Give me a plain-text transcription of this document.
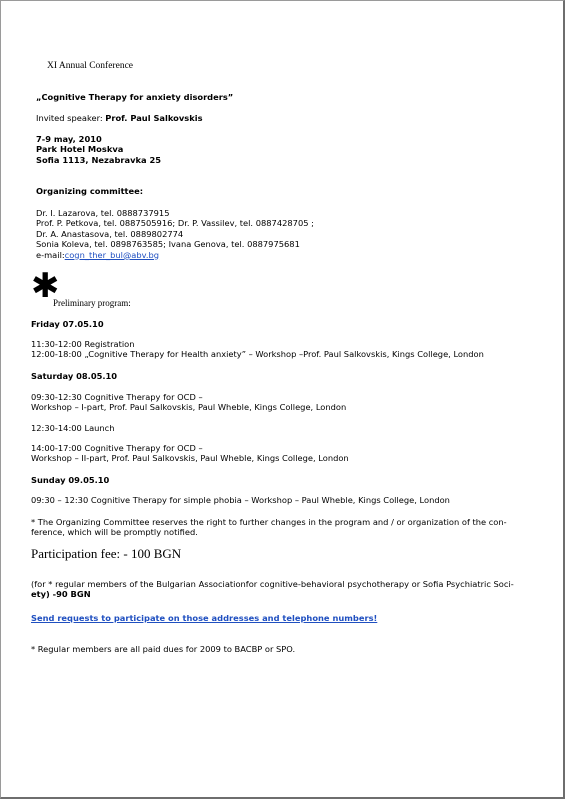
XI Annual Conference
„Cognitive Therapy for anxiety disorders”
Invited speaker: Prof. Paul Salkovskis
7-9 may, 2010
Park Hotel Moskva
Sofia 1113, Nezabravka 25
Organizing committee:
Dr. I. Lazarova, tel. 0888737915
Prof. P. Petkova, tel. 0887505916; Dr. P. Vassilev, tel. 0887428705 ;
Dr. A. Anastasova, tel. 0889802774
Sonia Koleva, tel. 0898763585; Ivana Genova, tel. 0887975681
e-mail:cogn_ther_bul@abv.bg
✱
Preliminary program:
Friday 07.05.10
11:30-12:00 Registration
12:00-18:00 „Cognitive Therapy for Health anxiety” – Workshop –Prof. Paul Salkovskis, Kings College, London
Saturday 08.05.10
09:30-12:30 Cognitive Therapy for OCD –
Workshop – I-part, Prof. Paul Salkovskis, Paul Wheble, Kings College, London
12:30-14:00 Launch
14:00-17:00 Cognitive Therapy for OCD –
Workshop – II-part, Prof. Paul Salkovskis, Paul Wheble, Kings College, London
Sunday 09.05.10
09:30 – 12:30 Cognitive Therapy for simple phobia – Workshop – Paul Wheble, Kings College, London
* The Organizing Committee reserves the right to further changes in the program and / or organization of the con-
ference, which will be promptly notified.
Participation fee: - 100 BGN
(for * regular members of the Bulgarian Associationfor cognitive-behavioral psychotherapy or Sofia Psychiatric Soci-
ety) -90 BGN
Send requests to participate on those addresses and telephone numbers!
* Regular members are all paid dues for 2009 to BACBP or SPO.
